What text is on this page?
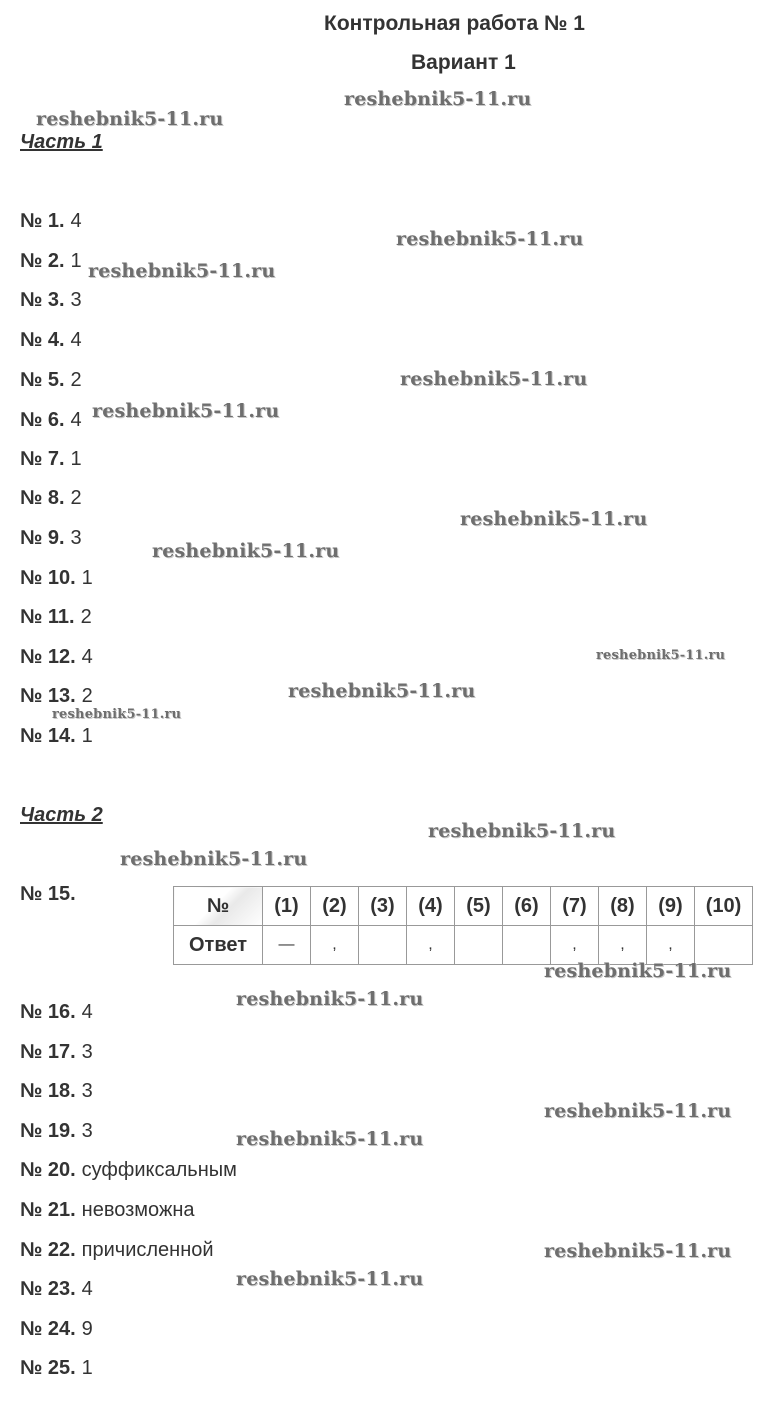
Контрольная работа № 1
Вариант 1
Часть 1
№ 1. 4
№ 2. 1
№ 3. 3
№ 4. 4
№ 5. 2
№ 6. 4
№ 7. 1
№ 8. 2
№ 9. 3
№ 10. 1
№ 11. 2
№ 12. 4
№ 13. 2
№ 14. 1
Часть 2
№ 15.
№	(1)	(2)	(3)	(4)	(5)	(6)	(7)	(8)	(9)	(10)
Ответ	—	,		,			,	,	,	
№ 16. 4
№ 17. 3
№ 18. 3
№ 19. 3
№ 20. суффиксальным
№ 21. невозможна
№ 22. причисленной
№ 23. 4
№ 24. 9
№ 25. 1
reshebnik5-11.ru
reshebnik5-11.ru
reshebnik5-11.ru
reshebnik5-11.ru
reshebnik5-11.ru
reshebnik5-11.ru
reshebnik5-11.ru
reshebnik5-11.ru
reshebnik5-11.ru
reshebnik5-11.ru
reshebnik5-11.ru
reshebnik5-11.ru
reshebnik5-11.ru
reshebnik5-11.ru
reshebnik5-11.ru
reshebnik5-11.ru
reshebnik5-11.ru
reshebnik5-11.ru
reshebnik5-11.ru
